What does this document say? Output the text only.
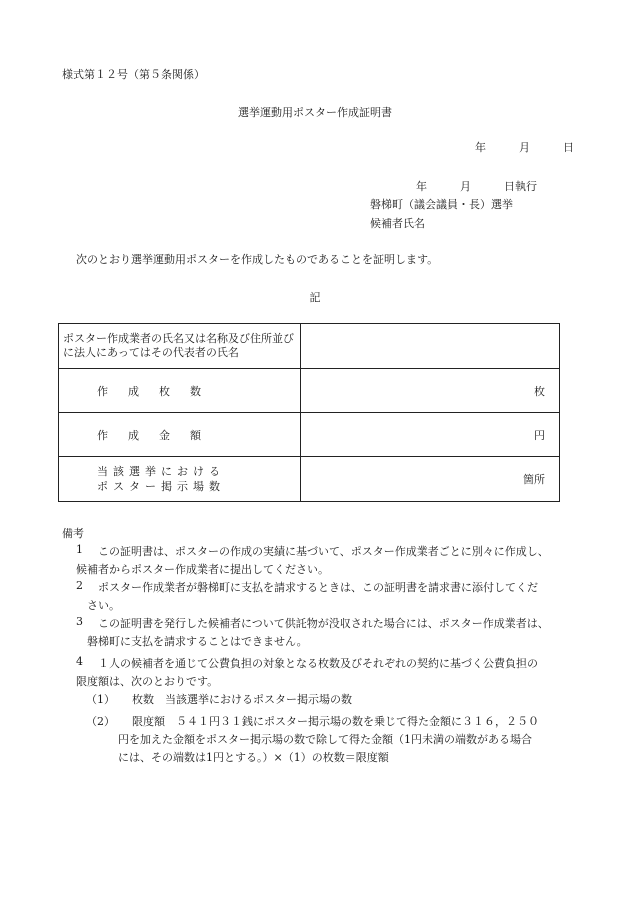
様式第１２号（第５条関係）
選挙運動用ポスター作成証明書
年	月	日
年	月	日執行
磐梯町（議会議員・長）選挙
候補者氏名
次のとおり選挙運動用ポスターを作成したものであることを証明します。
記
ポスター作成業者の氏名又は名称及び住所並びに法人にあってはその代表者の氏名	
作成枚数	枚
作成金額	円

当該選挙における
ポスター掲示場数	箇所
備考
1 この証明書は、ポスターの作成の実績に基づいて、ポスター作成業者ごとに別々に作成し、
候補者からポスター作成業者に提出してください。
2 ポスター作成業者が磐梯町に支払を請求するときは、この証明書を請求書に添付してくだ
さい。
3 この証明書を発行した候補者について供託物が没収された場合には、ポスター作成業者は、
磐梯町に支払を請求することはできません。
4 １人の候補者を通じて公費負担の対象となる枚数及びそれぞれの契約に基づく公費負担の
限度額は、次のとおりです。
（1） 枚数　当該選挙におけるポスター掲示場の数
（2） 限度額　５４１円３１銭にポスター掲示場の数を乗じて得た金額に３１６，２５０
円を加えた金額をポスター掲示場の数で除して得た金額（1円未満の端数がある場合
には、その端数は1円とする。）×（1）の枚数＝限度額
